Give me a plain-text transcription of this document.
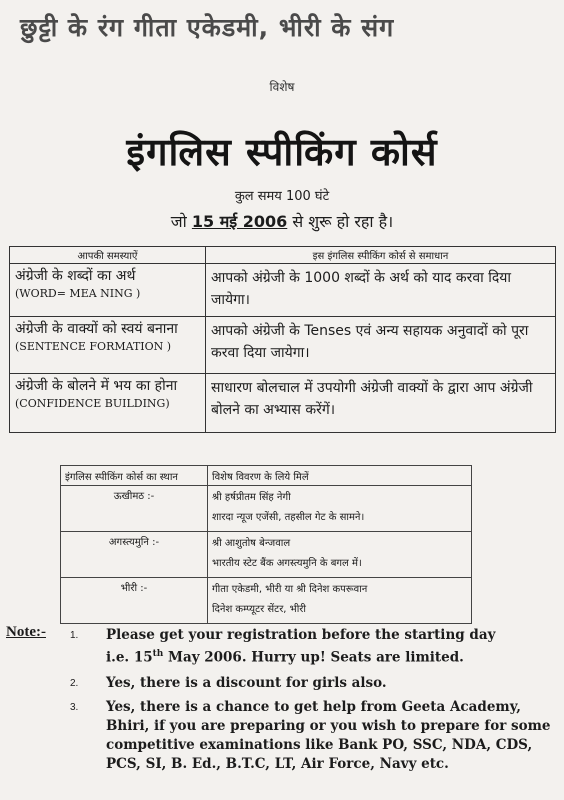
छुट्टी के रंग गीता एकेडमी, भीरी के संग
विशेष
इंगलिस स्पीकिंग कोर्स
कुल समय 100 घंटे
जो 15 मई 2006 से शुरू हो रहा है।
आपकी समस्याऐं	इस इंगलिस स्पीकिंग कोर्स से समाधान

अंग्रेजी के शब्दों का अर्थ
(WORD= MEA NING )	आपको अंग्रेजी के 1000 शब्दों के अर्थ को याद करवा दिया जायेगा।

अंग्रेजी के वाक्यों को स्वयं बनाना
(SENTENCE FORMATION )	आपको अंग्रेजी के Tenses एवं अन्य सहायक अनुवादों को पूरा करवा दिया जायेगा।

अंग्रेजी के बोलने में भय का होना
(CONFIDENCE BUILDING)	साधारण बोलचाल में उपयोगी अंग्रेजी वाक्यों के द्वारा आप अंग्रेजी बोलने का अभ्यास करेंगें।
इंगलिस स्पीकिंग कोर्स का स्थान	विशेष विवरण के लिये मिलें
ऊखीमठ :-	श्री हर्षप्रीतम सिंह नेगी
शारदा न्यूज एजेंसी, तहसील गेट के सामने।

अगस्त्यमुनि :-	श्री आशुतोष बेन्जवाल
भारतीय स्टेट बैंक अगस्त्यमुनि के बगल में।

भीरी :-	गीता एकेडमी, भीरी या श्री दिनेश कपरूवान
दिनेश कम्प्यूटर सेंटर, भीरी
Note:- 1. Please get your registration before the starting day
i.e. 15th May 2006. Hurry up! Seats are limited.
2. Yes, there is a discount for girls also.
3. Yes, there is a chance to get help from Geeta Academy, Bhiri, if you are preparing or you wish to prepare for some competitive examinations like Bank PO, SSC, NDA, CDS, PCS, SI, B. Ed., B.T.C, LT, Air Force, Navy etc.
